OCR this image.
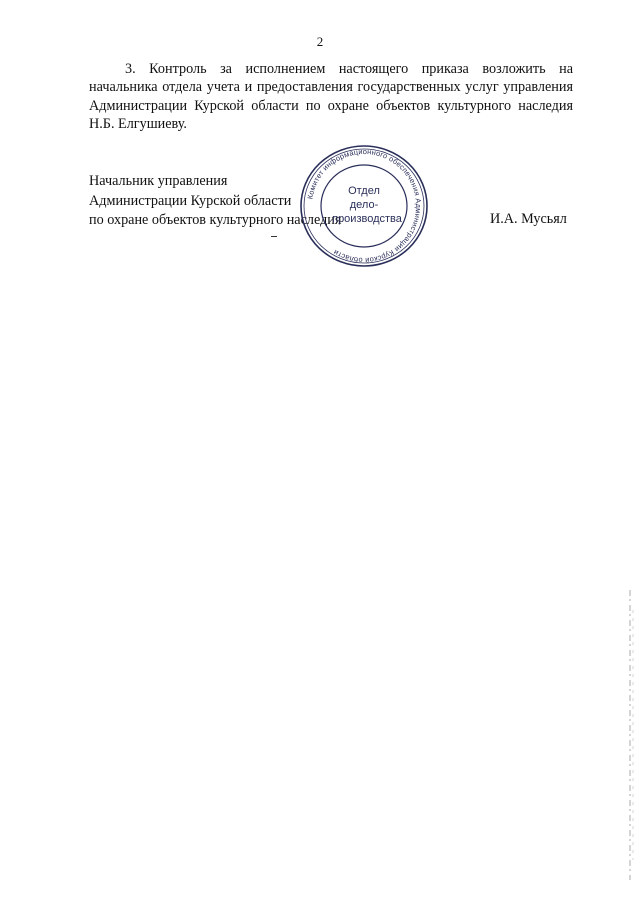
2

3. Контроль за исполнением настоящего приказа возложить на начальника отдела учета и предоставления государственных услуг управления Администрации Курской области по охране объектов культурного наследия Н.Б. Елгушиеву.

Начальник управления
Администрации Курской области
по охране объектов культурного наследия	И.А. Мусьял
Комитет информационного обеспечения Администрации Курской области
Отдел
дело-
производства
